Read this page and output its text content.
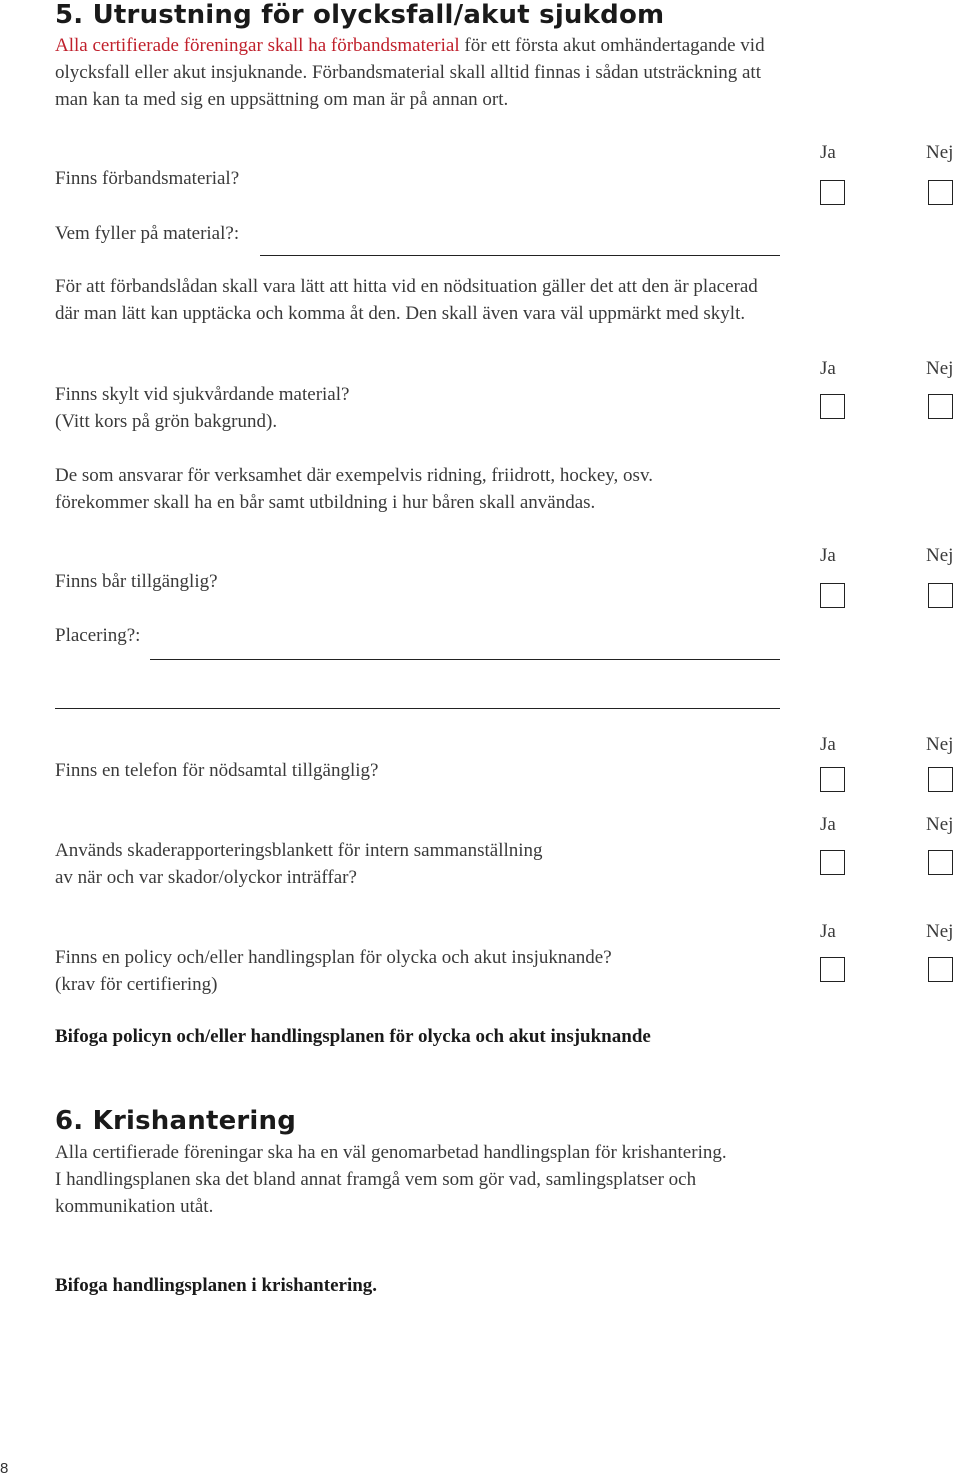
5. Utrustning för olycksfall/akut sjukdom
Alla certifierade föreningar skall ha förbandsmaterial för ett första akut omhändertagande vid
olycksfall eller akut insjuknande. Förbandsmaterial skall alltid finnas i sådan utsträckning att
man kan ta med sig en uppsättning om man är på annan ort.
Ja	Nej
Finns förbandsmaterial?
Vem fyller på material?:
För att förbandslådan skall vara lätt att hitta vid en nödsituation gäller det att den är placerad
där man lätt kan upptäcka och komma åt den. Den skall även vara väl uppmärkt med skylt.
Ja	Nej
Finns skylt vid sjukvårdande material?
(Vitt kors på grön bakgrund).
De som ansvarar för verksamhet där exempelvis ridning, friidrott, hockey, osv.
förekommer skall ha en bår samt utbildning i hur båren skall användas.
Ja	Nej
Finns bår tillgänglig?
Placering?:
Ja	Nej
Finns en telefon för nödsamtal tillgänglig?
Ja	Nej
Används skaderapporteringsblankett för intern sammanställning
av när och var skador/olyckor inträffar?
Ja	Nej
Finns en policy och/eller handlingsplan för olycka och akut insjuknande?
(krav för certifiering)
Bifoga policyn och/eller handlingsplanen för olycka och akut insjuknande
6. Krishantering
Alla certifierade föreningar ska ha en väl genomarbetad handlingsplan för krishantering.
I handlingsplanen ska det bland annat framgå vem som gör vad, samlingsplatser och
kommunikation utåt.
Bifoga handlingsplanen i krishantering.
8
